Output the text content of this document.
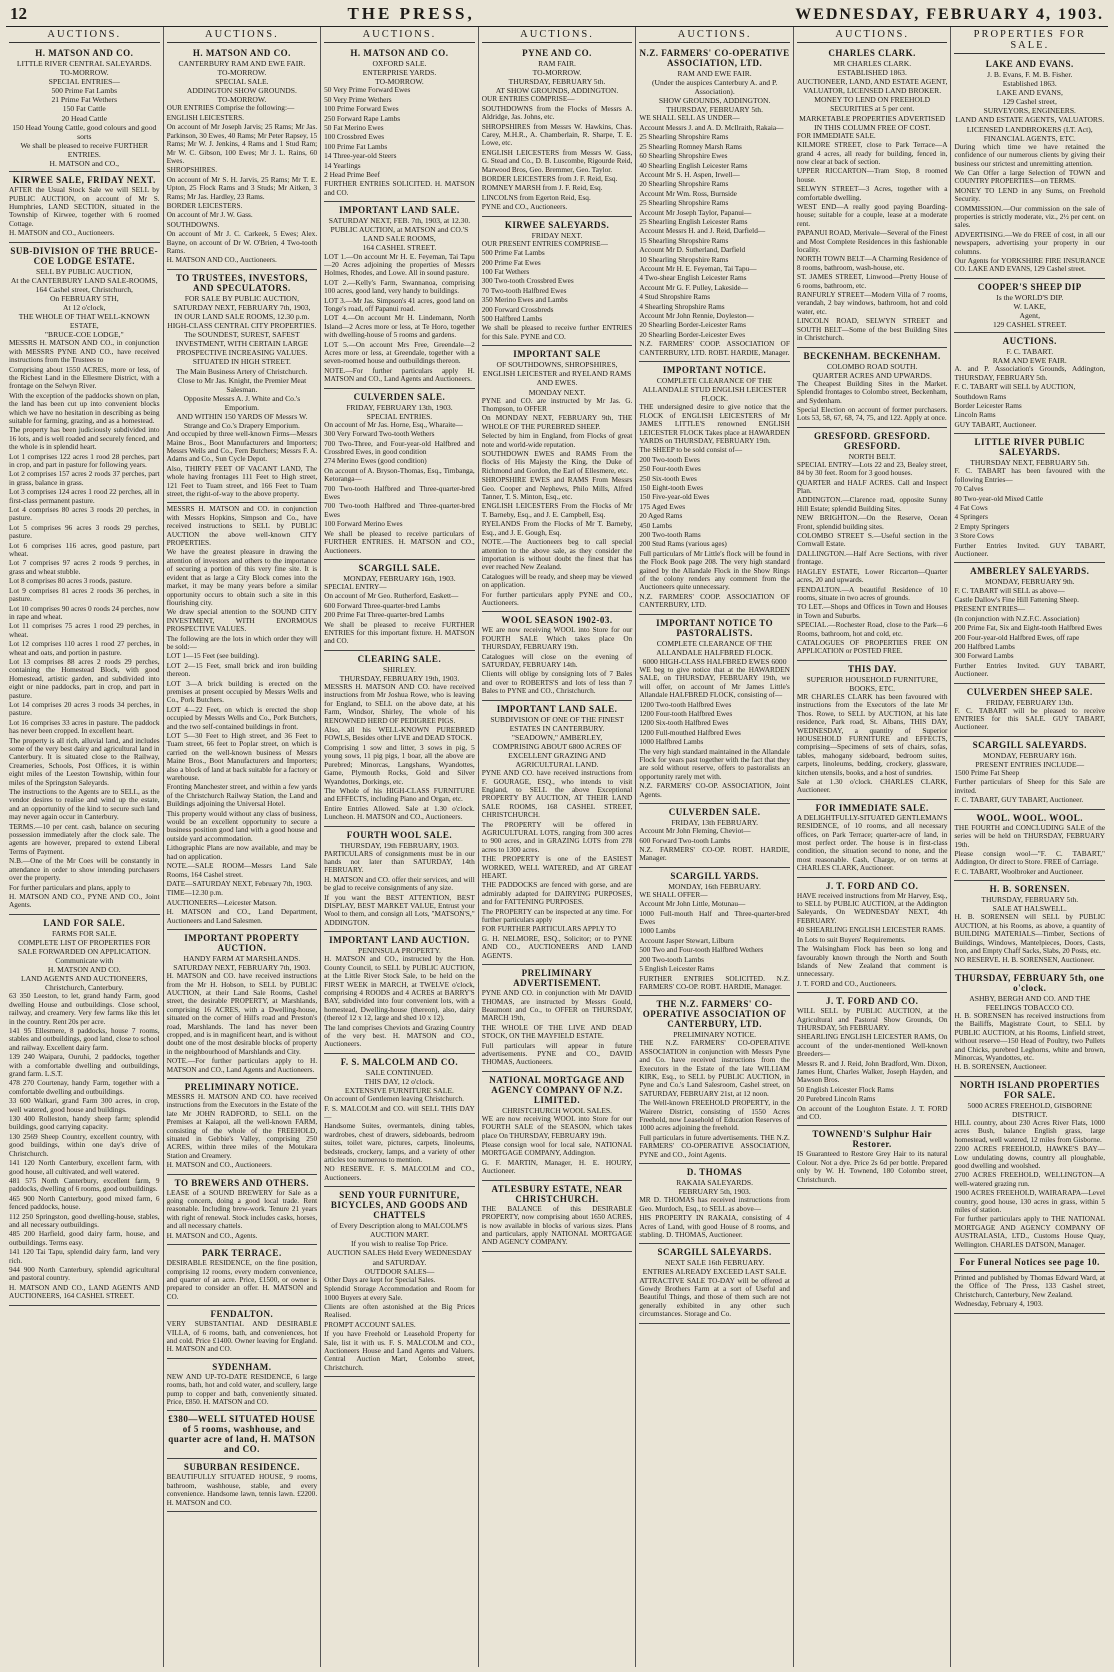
12	THE PRESS,	WEDNESDAY, FEBRUARY 4, 1903.
AUCTIONS.
H. MATSON AND CO.
LITTLE RIVER CENTRAL SALEYARDS.
TO-MORROW.
SPECIAL ENTRIES—
500 Prime Fat Lambs
21 Prime Fat Wethers
150 Fat Cattle
20 Head Cattle
150 Head Young Cattle, good colours and good sorts
We shall be pleased to receive FURTHER ENTRIES.
H. MATSON and CO.,
KIRWEE SALE, FRIDAY NEXT.
AFTER the Usual Stock Sale we will SELL by PUBLIC AUCTION, on account of Mr S. Humphries, LAND SECTION, situated in the Township of Kirwee, together with 6 roomed Cottage.
H. MATSON and CO., Auctioneers.
SUB-DIVISION OF THE BRUCE-COE LODGE ESTATE.
SELL BY PUBLIC AUCTION,
At the CANTERBURY LAND SALE-ROOMS,
164 Cashel street, Christchurch,
On FEBRUARY 5TH,
At 12 o'clock,
THE WHOLE OF THAT WELL-KNOWN ESTATE,
"BRUCE-COE LODGE,"
MESSRS H. MATSON AND CO., in conjunction with MESSRS PYNE AND CO., have received instructions from the Trustees to
Comprising about 1550 ACRES, more or less, of the Richest Land in the Ellesmere District, with a frontage on the Selwyn River.
With the exception of the paddocks shown on plan, the land has been cut up into convenient blocks which we have no hesitation in describing as being suitable for farming, grazing, and as a homestead.
The property has been judiciously subdivided into 16 lots, and is well roaded and securely fenced, and the whole is in splendid heart.
Lot 1 comprises 122 acres 1 rood 28 perches, part in crop, and part in pasture for following years.
Lot 2 comprises 157 acres 2 roods 37 perches, part in grass, balance in grass.
Lot 3 comprises 124 acres 1 rood 22 perches, all in first-class permanent pasture.
Lot 4 comprises 80 acres 3 roods 20 perches, in pasture.
Lot 5 comprises 96 acres 3 roods 29 perches, pasture.
Lot 6 comprises 116 acres, good pasture, part wheat.
Lot 7 comprises 97 acres 2 roods 9 perches, in grass and wheat stubble.
Lot 8 comprises 80 acres 3 roods, pasture.
Lot 9 comprises 81 acres 2 roods 36 perches, in pasture.
Lot 10 comprises 90 acres 0 roods 24 perches, now in rape and wheat.
Lot 11 comprises 75 acres 1 rood 29 perches, in wheat.
Lot 12 comprises 110 acres 1 rood 27 perches, in wheat and oats, and portion in pasture.
Lot 13 comprises 88 acres 2 roods 29 perches, containing the Homestead Block, with good Homestead, artistic garden, and subdivided into eight or nine paddocks, part in crop, and part in pasture.
Lot 14 comprises 20 acres 3 roods 34 perches, in pasture.
Lot 16 comprises 33 acres in pasture. The paddock has never been cropped. In excellent heart.
The property is all rich, alluvial land, and includes some of the very best dairy and agricultural land in Canterbury. It is situated close to the Railway, Creameries, Schools, Post Offices, it is within eight miles of the Leeston Township, within four miles of the Springston Saleyards.
The instructions to the Agents are to SELL, as the vendor desires to realise and wind up the estate, and an opportunity of the kind to secure such land may never again occur in Canterbury.
TERMS.—10 per cent. cash, balance on securing possession immediately after the clock sale. The agents are however, prepared to extend Liberal Terms of Payment.
N.B.—One of the Mr Coes will be constantly in attendance in order to show intending purchasers over the property.
For further particulars and plans, apply to
H. MATSON AND CO., PYNE AND CO., Joint Agents.
LAND FOR SALE.
FARMS FOR SALE.
COMPLETE LIST OF PROPERTIES FOR SALE FORWARDED ON APPLICATION.
Communicate with
H. MATSON AND CO.
LAND AGENTS AND AUCTIONEERS,
Christchurch, Canterbury.
63 350 Leeston, to let, grand handy Farm, good dwelling House and outbuildings. Close school, railway, and creamery. Very few farms like this let in the country. Rent 20s per acre.
141 95 Ellesmere, 8 paddocks, house 7 rooms, stables and outbuildings, good land, close to school and railway. Excellent dairy farm.
139 240 Waipara, Ouruhi, 2 paddocks, together with a comfortable dwelling and outbuildings, grand farm. L.S.T.
478 270 Courtenay, handy Farm, together with a comfortable dwelling and outbuildings.
33 600 Walkari, grand Farm 300 acres, in crop, well watered, good house and buildings.
130 400 Rolleston, handy sheep farm; splendid buildings, good carrying capacity.
130 2569 Sheep Country, excellent country, with good buildings, within one day's drive of Christchurch.
141 120 North Canterbury, excellent farm, with good house, all cultivated, and well watered.
481 575 North Canterbury, excellent farm, 9 paddocks, dwelling of 6 rooms, good outbuildings.
465 900 North Canterbury, good mixed farm, 6 fenced paddocks, house.
112 250 Springston, good dwelling-house, stables, and all necessary outbuildings.
485 200 Harfield, good dairy farm, house, and outbuildings. Terms easy.
141 120 Tai Tapu, splendid dairy farm, land very rich.
944 900 North Canterbury, splendid agricultural and pastoral country.
H. MATSON AND CO., LAND AGENTS AND AUCTIONEERS, 164 CASHEL STREET.
AUCTIONS.
H. MATSON AND CO.
CANTERBURY RAM AND EWE FAIR.
TO-MORROW.
SPECIAL SALE.
ADDINGTON SHOW GROUNDS.
TO-MORROW.
OUR ENTRIES Comprise the following:—
ENGLISH LEICESTERS.
On account of Mr Joseph Jarvis; 25 Rams; Mr Jas. Parkinson, 30 Ewes, 40 Rams; Mr Peter Rapsey, 15 Rams; Mr W. J. Jenkins, 4 Rams and 1 Stud Ram; Mr W. C. Gibson, 100 Ewes; Mr J. L. Rains, 60 Ewes.
SHROPSHIRES.
On account of Mr S. H. Jarvis, 25 Rams; Mr T. E. Upton, 25 Flock Rams and 3 Studs; Mr Aitken, 3 Rams; Mr Jas. Hardley, 23 Rams.
BORDER LEICESTERS.
On account of Mr J. W. Gass.
SOUTHDOWNS.
On account of Mr J. C. Carkeek, 5 Ewes; Alex. Bayne, on account of Dr W. O'Brien, 4 Two-tooth Rams.
H. MATSON AND CO., Auctioneers.
TO TRUSTEES, INVESTORS, AND SPECULATORS.
FOR SALE BY PUBLIC AUCTION,
SATURDAY NEXT, FEBRUARY 7th, 1903,
IN OUR LAND SALE ROOMS, 12.30 p.m.
HIGH-CLASS CENTRAL CITY PROPERTIES.
The SOUNDEST, SUREST, SAFEST INVESTMENT, WITH CERTAIN LARGE PROSPECTIVE INCREASING VALUES.
SITUATED IN HIGH STREET.
The Main Business Artery of Christchurch.
Close to Mr Jas. Knight, the Premier Meat Salesman.
Opposite Messrs A. J. White and Co.'s Emporium.
AND WITHIN 150 YARDS OF Messrs W. Strange and Co.'s Drapery Emporium.
And occupied by three well-known Firms—Messrs Maine Bros., Boot Manufacturers and Importers; Messrs Wells and Co., Fern Butchers; Messrs F. A. Adams and Co., Sun Cycle Depot.
Also, THIRTY FEET OF VACANT LAND, The whole having frontages 111 Feet to High street, 121 Feet to Tuam street, and 166 Feet to Tuam street, the right-of-way to the above property.
MESSRS H. MATSON and CO. in conjunction with Messrs Hopkins, Simpson and Co., have received instructions to SELL by PUBLIC AUCTION the above well-known CITY PROPERTIES.
We have the greatest pleasure in drawing the attention of investors and others to the importance of securing a portion of this very fine site. It is evident that as large a City Block comes into the market, it may be many years before a similar opportunity occurs to obtain such a site in this flourishing city.
We draw special attention to the SOUND CITY INVESTMENT, WITH ENORMOUS PROSPECTIVE VALUES.
The following are the lots in which order they will be sold:—
LOT 1—15 Feet (see building).
LOT 2—15 Feet, small brick and iron building thereon.
LOT 3—A brick building is erected on the premises at present occupied by Messrs Wells and Co., Pork Butchers.
LOT 4—22 Feet, on which is erected the shop occupied by Messrs Wells and Co., Pork Butchers, and the two self-contained buildings in front.
LOT 5—30 Feet to High street, and 36 Feet to Tuam street, 66 feet to Poplar street, on which is carried on the well-known business of Messrs Maine Bros., Boot Manufacturers and Importers; also a block of land at back suitable for a factory or warehouse.
Fronting Manchester street, and within a few yards of the Christchurch Railway Station, the Land and Buildings adjoining the Universal Hotel.
This property would without any class of business, would be an excellent opportunity to secure a business position good land with a good house and outside yard accommodation.
Lithographic Plans are now available, and may be had on application.
NOTE.—SALE ROOM—Messrs Land Sale Rooms, 164 Cashel street.
DATE—SATURDAY NEXT, February 7th, 1903.
TIME—12.30 p.m.
AUCTIONEERS—Leicester Matson.
H. MATSON and CO., Land Department, Auctioneers and Land Salesmen.
IMPORTANT PROPERTY AUCTION.
HANDY FARM AT MARSHLANDS.
SATURDAY NEXT, FEBRUARY 7th, 1903.
H. MATSON and CO. have received instructions from the Mr H. Hobson, to SELL by PUBLIC AUCTION, at their Land Sale Rooms, Cashel street, the desirable PROPERTY, at Marshlands, comprising 16 ACRES, with a Dwelling-house, situated on the corner of Hill's road and Preston's road, Marshlands. The land has never been cropped, and is in magnificent heart, and is without doubt one of the most desirable blocks of property in the neighbourhood of Marshlands and City.
NOTE.—For further particulars apply to H. MATSON and CO., Land Agents and Auctioneers.
PRELIMINARY NOTICE.
MESSRS H. MATSON AND CO. have received instructions from the Executors in the Estate of the late Mr JOHN RADFORD, to SELL on the Premises at Kaiapoi, all the well-known FARM, consisting of the whole of the FREEHOLD, situated in Gebbie's Valley, comprising 250 ACRES, within three miles of the Motukara Station and Creamery.
H. MATSON and CO., Auctioneers.
TO BREWERS AND OTHERS.
LEASE of a SOUND BREWERY for Sale as a going concern, doing a good local trade. Rent reasonable. Including brew-work. Tenure 21 years with right of renewal. Stock includes casks, horses, and all necessary chattels.
H. MATSON and CO., Agents.
PARK TERRACE.
DESIRABLE RESIDENCE, on the fine position, comprising 12 rooms, every modern convenience, and quarter of an acre. Price, £1500, or owner is prepared to consider an offer. H. MATSON and CO.
FENDALTON.
VERY SUBSTANTIAL AND DESIRABLE VILLA, of 6 rooms, bath, and conveniences, hot and cold. Price £1400. Owner leaving for England. H. MATSON and CO.
SYDENHAM.
NEW AND UP-TO-DATE RESIDENCE, 6 large rooms, bath, hot and cold water, and scullery, large pump to copper and bath, conveniently situated. Price, £850. H. MATSON and CO.
£380—WELL SITUATED HOUSE of 5 rooms, washhouse, and quarter acre of land, H. MATSON and CO.
SUBURBAN RESIDENCE.
BEAUTIFULLY SITUATED HOUSE, 9 rooms, bathroom, washhouse, stable, and every convenience. Handsome lawn, tennis lawn. £2200. H. MATSON and CO.
AUCTIONS.
H. MATSON AND CO.
OXFORD SALE.
ENTERPRISE YARDS.
TO-MORROW.
50 Very Prime Forward Ewes
50 Very Prime Wethers
100 Prime Forward Ewes
250 Forward Rape Lambs
50 Fat Merino Ewes
100 Crossbred Ewes
100 Prime Fat Lambs
14 Three-year-old Steers
14 Yearlings
2 Head Prime Beef
FURTHER ENTRIES SOLICITED. H. MATSON and CO.
IMPORTANT LAND SALE.
SATURDAY NEXT, FEB. 7th, 1903, at 12.30.
PUBLIC AUCTION, at MATSON and CO.'S LAND SALE ROOMS,
164 CASHEL STREET.
LOT 1.—On account Mr H. E. Feyeman, Tai Tapu—20 Acres adjoining the properties of Messrs Holmes, Rhodes, and Lowe. All in sound pasture.
LOT 2.—Kelly's Farm, Swannanoa, comprising 100 acres, good land, very handy to buildings.
LOT 3.—Mr Jas. Simpson's 41 acres, good land on Tonge's road, off Papanui road.
LOT 4.—On account Mr H. Lindemann, North Island—2 Acres more or less, at Te Horo, together with dwelling-house of 5 rooms and gardens.
LOT 5.—On account Mrs Free, Greendale—2 Acres more or less, at Greendale, together with a seven-roomed house and outbuildings thereon.
NOTE.—For further particulars apply H. MATSON and CO., Land Agents and Auctioneers.
CULVERDEN SALE.
FRIDAY, FEBRUARY 13th, 1903.
SPECIAL ENTRIES.
On account of Mr Jas. Horne, Esq., Wharaite—
300 Very Forward Two-tooth Wethers
700 Two-Three, and Four-year-old Halfbred and Crossbred Ewes, in good condition
274 Merino Ewes (good condition)
On account of A. Bryson-Thomas, Esq., Timbanga, Ketoranga—
700 Two-tooth Halfbred and Three-quarter-bred Ewes
700 Two-tooth Halfbred and Three-quarter-bred Ewes
100 Forward Merino Ewes
We shall be pleased to receive particulars of FURTHER ENTRIES. H. MATSON and CO., Auctioneers.
SCARGILL SALE.
MONDAY, FEBRUARY 16th, 1903.
SPECIAL ENTRY—
On account of Mr Geo. Rutherford, Easkett—
600 Forward Three-quarter-bred Lambs
200 Prime Fat Three-quarter-bred Lambs
We shall be pleased to receive FURTHER ENTRIES for this important fixture. H. MATSON and CO.
CLEARING SALE.
SHIRLEY.
THURSDAY, FEBRUARY 19th, 1903.
MESSRS H. MATSON AND CO. have received instructions from Mr Joshua Rowe, who is leaving for England, to SELL on the above date, at his Farm, Windsor, Shirley, The whole of his RENOWNED HERD OF PEDIGREE PIGS.
Also, all his WELL-KNOWN PUREBRED FOWLS, Besides other LIVE and DEAD STOCK.
Comprising 1 sow and litter, 3 sows in pig, 5 young sows, 11 pig pigs, 1 boar, all the above are Purebred; Minorcas, Langshans, Wyandottes, Game, Plymouth Rocks, Gold and Silver Wyandottes, Dorkings, etc.
The Whole of his HIGH-CLASS FURNITURE and EFFECTS, including Piano and Organ, etc.
Entire Entries Allowed. Sale at 1.30 o'clock. Luncheon. H. MATSON and CO., Auctioneers.
FOURTH WOOL SALE.
THURSDAY, 19th FEBRUARY, 1903.
PARTICULARS of consignments must be in our hands not later than SATURDAY, 14th FEBRUARY.
H. MATSON and CO. offer their services, and will be glad to receive consignments of any size.
If you want the BEST ATTENTION, BEST DISPLAY, BEST MARKET VALUE, Entrust your Wool to them, and consign all Lots, "MATSON'S," ADDINGTON.
IMPORTANT LAND AUCTION.
PENINSULA PROPERTY.
H. MATSON and CO., instructed by the Hon. County Council, to SELL by PUBLIC AUCTION, at the Little River Stock Sale, to be held on the FIRST WEEK in MARCH, at TWELVE o'clock, comprising 4 ROODS and 4 ACRES at BARRY'S BAY, subdivided into four convenient lots, with a homestead, Dwelling-house (thereon), also, dairy (thereof 12 x 12, large and shed 10 x 12).
The land comprises Cheviots and Grazing Country of the very best. H. MATSON and CO., Auctioneers.
F. S. MALCOLM AND CO.
SALE CONTINUED.
THIS DAY, 12 o'clock.
EXTENSIVE FURNITURE SALE.
On account of Gentlemen leaving Christchurch.
F. S. MALCOLM and CO. will SELL THIS DAY—
Handsome Suites, overmantels, dining tables, wardrobes, chest of drawers, sideboards, bedroom suites, toilet ware, pictures, carpets, linoleums, bedsteads, crockery, lamps, and a variety of other articles too numerous to mention.
NO RESERVE. F. S. MALCOLM and CO., Auctioneers.
SEND YOUR FURNITURE, BICYCLES, AND GOODS AND CHATTELS
of Every Description along to MALCOLM'S AUCTION MART.
If you wish to realise Top Price.
AUCTION SALES Held Every WEDNESDAY and SATURDAY.
OUTDOOR SALES—
Other Days are kept for Special Sales.
Splendid Storage Accommodation and Room for 1000 Buyers at every Sale.
Clients are often astonished at the Big Prices Realised.
PROMPT ACCOUNT SALES.
If you have Freehold or Leasehold Property for Sale, list it with us. F. S. MALCOLM and CO., Auctioneers House and Land Agents and Valuers. Central Auction Mart, Colombo street, Christchurch.
AUCTIONS.
PYNE AND CO.
RAM FAIR.
TO-MORROW.
THURSDAY, FEBRUARY 5th.
AT SHOW GROUNDS, ADDINGTON.
OUR ENTRIES COMPRISE—
SOUTHDOWNS from the Flocks of Messrs A. Aldridge, Jas. Johns, etc.
SHROPSHIRES from Messrs W. Hawkins, Chas. Carey, M.H.R., A. Chamberlain, R. Sharpe, T. E. Lowe, etc.
ENGLISH LEICESTERS from Messrs W. Gass, G. Stead and Co., D. B. Luscombe, Rigourde Reid, Marwood Bros, Geo. Bremmer, Geo. Taylor.
BORDER LEICESTERS from J. F. Reid, Esq.
ROMNEY MARSH from J. F. Reid, Esq.
LINCOLNS from Egerton Reid, Esq.
PYNE and CO., Auctioneers.
KIRWEE SALEYARDS.
FRIDAY NEXT.
OUR PRESENT ENTRIES COMPRISE—
500 Prime Fat Lambs
200 Prime Fat Ewes
100 Fat Wethers
300 Two-tooth Crossbred Ewes
70 Two-tooth Halfbred Ewes
350 Merino Ewes and Lambs
200 Forward Crossbreds
500 Halfbred Lambs
We shall be pleased to receive further ENTRIES for this Sale. PYNE and CO.
IMPORTANT SALE
OF SOUTHDOWNS, SHROPSHIRES, ENGLISH LEICESTER and RYELAND RAMS AND EWES.
MONDAY NEXT.
PYNE and CO. are instructed by Mr Jas. G. Thompson, to OFFER
On MONDAY NEXT, FEBRUARY 9th, THE WHOLE OF THE PUREBRED SHEEP.
Selected by him in England, from Flocks of great note and world-wide reputation.
SOUTHDOWN EWES and RAMS From the flocks of His Majesty the King, the Duke of Richmond and Gordon, the Earl of Ellesmere, etc.
SHROPSHIRE EWES and RAMS From Messrs Geo. Cooper and Nephews, Philo Mills, Alfred Tanner, T. S. Minton, Esq., etc.
ENGLISH LEICESTERS From the Flocks of Mr T. Barneby, Esq., and J. E. Campbell, Esq.
RYELANDS From the Flocks of Mr T. Barneby, Esq., and J. E. Gough, Esq.
NOTE.—The Auctioneers beg to call special attention to the above sale, as they consider the importation is without doubt the finest that has ever reached New Zealand.
Catalogues will be ready, and sheep may be viewed on application.
For further particulars apply PYNE and CO., Auctioneers.
WOOL SEASON 1902-03.
WE are now receiving WOOL into Store for our FOURTH SALE Which takes place On THURSDAY, FEBRUARY 19th.
Catalogues will close on the evening of SATURDAY, FEBRUARY 14th.
Clients will oblige by consigning lots of 7 Bales and over to ROBERTS'S and lots of less than 7 Bales to PYNE and CO., Christchurch.
IMPORTANT LAND SALE.
SUBDIVISION OF ONE OF THE FINEST ESTATES IN CANTERBURY.
"SEADOWN," AMBERLEY,
COMPRISING ABOUT 6800 ACRES OF EXCELLENT GRAZING AND AGRICULTURAL LAND.
PYNE AND CO. have received instructions from F. GOURAGE, ESQ., who intends to visit England, to SELL the above Exceptional PROPERTY BY AUCTION, AT THEIR LAND SALE ROOMS, 168 CASHEL STREET, CHRISTCHURCH.
The PROPERTY will be offered in AGRICULTURAL LOTS, ranging from 300 acres to 900 acres, and in GRAZING LOTS from 278 acres to 1300 acres.
THE PROPERTY is one of the EASIEST WORKED, WELL WATERED, and AT GREAT HEART.
THE PADDOCKS are fenced with gorse, and are admirably adapted for DAIRYING PURPOSES, and for FATTENING PURPOSES.
The PROPERTY can be inspected at any time. For further particulars apply
FOR FURTHER PARTICULARS APPLY TO
G. H. NELMORE, ESQ., Solicitor; or to PYNE AND CO., AUCTIONEERS AND LAND AGENTS.
PRELIMINARY ADVERTISEMENT.
PYNE AND CO. in conjunction with Mr DAVID THOMAS, are instructed by Messrs Gould, Beaumont and Co., to OFFER on THURSDAY, MARCH 19th,
THE WHOLE OF THE LIVE AND DEAD STOCK, ON THE MAYFIELD ESTATE.
Full particulars will appear in future advertisements. PYNE and CO., DAVID THOMAS, Auctioneers.
NATIONAL MORTGAGE AND AGENCY COMPANY OF N.Z. LIMITED.
CHRISTCHURCH WOOL SALES.
WE are now receiving WOOL into Store for our FOURTH SALE of the SEASON, which takes place On THURSDAY, FEBRUARY 19th.
Please consign wool for local sale, NATIONAL MORTGAGE COMPANY, Addington.
G. F. MARTIN, Manager, H. E. HOURY, Auctioneer.
ATLESBURY ESTATE, NEAR CHRISTCHURCH.
THE BALANCE of this DESIRABLE PROPERTY, now comprising about 1650 ACRES, is now available in blocks of various sizes. Plans and particulars, apply NATIONAL MORTGAGE AND AGENCY COMPANY.
AUCTIONS.
N.Z. FARMERS' CO-OPERATIVE ASSOCIATION, LTD.
RAM AND EWE FAIR.
(Under the auspices Canterbury A. and P. Association).
SHOW GROUNDS, ADDINGTON.
THURSDAY, FEBRUARY 5th.
WE SHALL SELL AS UNDER—
Account Messrs J. and A. D. McIlraith, Rakaia—
25 Shearling Shropshire Rams
25 Shearling Romney Marsh Rams
60 Shearling Shropshire Ewes
40 Shearling English Leicester Rams
Account Mr S. H. Aspen, Irwell—
20 Shearling Shropshire Rams
Account Mr Wm. Ross, Burnside
25 Shearling Shropshire Rams
Account Mr Joseph Taylor, Papanui—
25 Shearling English Leicester Rams
Account Messrs H. and J. Reid, Darfield—
15 Shearling Shropshire Rams
Account Mr D. Sutherland, Darfield
10 Shearling Shropshire Rams
Account Mr H. E. Feyeman, Tai Tapu—
4 Two-shear English Leicester Rams
Account Mr G. F. Pulley, Lakeside—
4 Stud Shropshire Rams
4 Shearling Shropshire Rams
Account Mr John Rennie, Doyleston—
20 Shearling Border-Leicester Rams
20 Shearling Border-Leicester Ewes
N.Z. FARMERS' COOP. ASSOCIATION OF CANTERBURY, LTD. ROBT. HARDIE, Manager.
IMPORTANT NOTICE.
COMPLETE CLEARANCE OF THE ALLANDALE STUD ENGLISH LEICESTER FLOCK.
THE undersigned desire to give notice that the FLOCK of ENGLISH LEICESTERS of Mr JAMES LITTLE'S renowned ENGLISH LEICESTER FLOCK Takes place at HAWARDEN YARDS on THURSDAY, FEBRUARY 19th.
The SHEEP to be sold consist of—
200 Two-tooth Ewes
250 Four-tooth Ewes
250 Six-tooth Ewes
150 Eight-tooth Ewes
150 Five-year-old Ewes
175 Aged Ewes
20 Aged Rams
450 Lambs
200 Two-tooth Rams
200 Stud Rams (various ages)
Full particulars of Mr Little's flock will be found in the Flock Book page 208. The very high standard gained by the Allandale Flock in the Show Rings of the colony renders any comment from the Auctioneers quite unnecessary.
N.Z. FARMERS' COOP. ASSOCIATION OF CANTERBURY, LTD.
IMPORTANT NOTICE TO PASTORALISTS.
COMPLETE CLEARANCE OF THE ALLANDALE HALFBRED FLOCK.
6000 HIGH-CLASS HALFBRED EWES 6000
WE beg to give notice that at the HAWARDEN SALE, on THURSDAY, FEBRUARY 19th, we will offer, on account of Mr James Little's Allandale HALFBRED FLOCK, consisting of—
1200 Two-tooth Halfbred Ewes
1200 Four-tooth Halfbred Ewes
1200 Six-tooth Halfbred Ewes
1200 Full-mouthed Halfbred Ewes
1000 Halfbred Lambs
The very high standard maintained in the Allandale Flock for years past together with the fact that they are sold without reserve, offers to pastoralists an opportunity rarely met with.
N.Z. FARMERS' CO-OP. ASSOCIATION, Joint Agents.
CULVERDEN SALE.
FRIDAY, 13th FEBRUARY.
Account Mr John Fleming, Cheviot—
600 Forward Two-tooth Lambs
N.Z. FARMERS' CO-OP. ROBT. HARDIE, Manager.
SCARGILL YARDS.
MONDAY, 16th FEBRUARY.
WE SHALL OFFER—
Account Mr John Little, Motunau—
1000 Full-mouth Half and Three-quarter-bred Ewes
1000 Lambs
Account Jasper Stewart, Lilburn
500 Two and Four-tooth Halfbred Wethers
200 Two-tooth Lambs
5 English Leicester Rams
FURTHER ENTRIES SOLICITED. N.Z. FARMERS' CO-OP. ROBT. HARDIE, Manager.
THE N.Z. FARMERS' CO-OPERATIVE ASSOCIATION OF CANTERBURY, LTD.
PRELIMINARY NOTICE.
THE N.Z. FARMERS' CO-OPERATIVE ASSOCIATION in conjunction with Messrs Pyne and Co. have received instructions from the Executors in the Estate of the late WILLIAM KIRK, Esq., to SELL by PUBLIC AUCTION, in Pyne and Co.'s Land Salesroom, Cashel street, on SATURDAY, FEBRUARY 21st, at 12 noon.
The Well-known FREEHOLD PROPERTY, in the Wairere District, consisting of 1550 Acres Freehold, now Leasehold of Education Reserves of 1000 acres adjoining the freehold.
Full particulars in future advertisements. THE N.Z. FARMERS' CO-OPERATIVE ASSOCIATION, PYNE and CO., Joint Agents.
D. THOMAS
RAKAIA SALEYARDS.
FEBRUARY 5th, 1903.
MR D. THOMAS has received instructions from Geo. Murdoch, Esq., to SELL as above—
HIS PROPERTY IN RAKAIA, consisting of 4 Acres of Land, with good House of 8 rooms, and stabling. D. THOMAS, Auctioneer.
SCARGILL SALEYARDS.
NEXT SALE 16th FEBRUARY.
ENTRIES ALREADY EXCEED LAST SALE.
ATTRACTIVE SALE TO-DAY will be offered at Gowdy Brothers Farm at a sort of Useful and Beautiful Things, and those of them such are not generally exhibited in any other such circumstances. Storage and Co.
AUCTIONS.
CHARLES CLARK.
MR CHARLES CLARK.
ESTABLISHED 1863.
AUCTIONEER, LAND, AND ESTATE AGENT,
VALUATOR, LICENSED LAND BROKER.
MONEY TO LEND ON FREEHOLD SECURITIES at 5 per cent.
MARKETABLE PROPERTIES ADVERTISED IN THIS COLUMN FREE OF COST.
FOR IMMEDIATE SALE.
KILMORE STREET, close to Park Terrace—A grand 4 acres, all ready for building, fenced in, now clear at back of section.
UPPER RICCARTON—Tram Stop, 8 roomed house.
SELWYN STREET—3 Acres, together with a comfortable dwelling.
WEST END—A really good paying Boarding-house; suitable for a couple, lease at a moderate rent.
PAPANUI ROAD, Merivale—Several of the Finest and Most Complete Residences in this fashionable locality.
NORTH TOWN BELT—A Charming Residence of 8 rooms, bathroom, wash-house, etc.
ST. JAMES STREET, Linwood—Pretty House of 6 rooms, bathroom, etc.
RANFURLY STREET—Modern Villa of 7 rooms, verandah, 2 bay windows, bathroom, hot and cold water, etc.
LINCOLN ROAD, SELWYN STREET and SOUTH BELT—Some of the best Building Sites in Christchurch.
BECKENHAM. BECKENHAM.
COLOMBO ROAD SOUTH.
QUARTER ACRES AND UPWARDS.
The Cheapest Building Sites in the Market. Splendid frontages to Colombo street, Beckenham, and Sydenham.
Special Election on account of former purchasers. Lots 53, 58, 67, 68, 74, 75, and 122. Apply at once.
GRESFORD. GRESFORD. GRESFORD.
NORTH BELT.
SPECIAL ENTRY—Lots 22 and 23, Bealey street, 84 by 30 feet. Room for 3 good houses.
QUARTER and HALF ACRES. Call and Inspect Plan.
ADDINGTON.—Clarence road, opposite Sunny Hill Estate; splendid Building Sites.
NEW BRIGHTON.—On the Reserve, Ocean Front, splendid building sites.
COLOMBO STREET S.—Useful section in the Cornwall Estate.
DALLINGTON.—Half Acre Sections, with river frontage.
HAGLEY ESTATE, Lower Riccarton—Quarter acres, 20 and upwards.
FENDALTON.—A beautiful Residence of 10 rooms, situate in two acres of grounds.
TO LET.—Shops and Offices in Town and Houses in Town and Suburbs.
SPECIAL.—Rochester Road, close to the Park—6 Rooms, bathroom, hot and cold, etc.
CATALOGUES OF PROPERTIES FREE ON APPLICATION or POSTED FREE.
THIS DAY.
SUPERIOR HOUSEHOLD FURNITURE, BOOKS, ETC.
MR CHARLES CLARK has been favoured with instructions from the Executors of the late Mr Thos. Rowe, to SELL by AUCTION, at his late residence, Park road, St. Albans, THIS DAY, WEDNESDAY, a quantity of Superior HOUSEHOLD FURNITURE and EFFECTS, comprising—Specimens of sets of chairs, sofas, tables, mahogany sideboard, bedroom suites, carpets, linoleums, bedding, crockery, glassware, kitchen utensils, books, and a host of sundries.
Sale at 1.30 o'clock. CHARLES CLARK, Auctioneer.
FOR IMMEDIATE SALE.
A DELIGHTFULLY-SITUATED GENTLEMAN'S RESIDENCE, of 10 rooms, and all necessary offices, on Park Terrace; quarter-acre of land, in most perfect order. The house is in first-class condition, the situation second to none, and the most reasonable. Cash, Charge, or on terms at CHARLES CLARK, Auctioneer.
J. T. FORD AND CO.
HAVE received instructions from Mr Harvey, Esq., to SELL by PUBLIC AUCTION, at the Addington Saleyards, On WEDNESDAY NEXT, 4th FEBRUARY.
40 SHEARLING ENGLISH LEICESTER RAMS.
In Lots to suit Buyers' Requirements.
The Walsingham Flock has been so long and favourably known through the North and South Islands of New Zealand that comment is unnecessary.
J. T. FORD and CO., Auctioneers.
J. T. FORD AND CO.
WILL SELL by PUBLIC AUCTION, at the Agricultural and Pastoral Show Grounds, On THURSDAY, 5th FEBRUARY.
SHEARLING ENGLISH LEICESTER RAMS, On account of the under-mentioned Well-known Breeders—
Messrs R. and J. Reid, John Bradford, Wm. Dixon, James Hunt, Charles Walker, Joseph Hayden, and Mawson Bros.
50 English Leicester Flock Rams
20 Purebred Lincoln Rams
On account of the Loughton Estate. J. T. FORD and CO.
TOWNEND'S Sulphur Hair Restorer.
IS Guaranteed to Restore Grey Hair to its natural Colour. Not a dye. Price 2s 6d per bottle. Prepared only by W. H. Townend, 180 Colombo street, Christchurch.
PROPERTIES FOR SALE.
LAKE AND EVANS.
J. B. Evans, F. M. B. Fisher.
Established 1863.
LAKE AND EVANS,
129 Cashel street,
SURVEYORS, ENGINEERS.
LAND AND ESTATE AGENTS, VALUATORS.
LICENSED LANDBROKERS (LT. Act), FINANCIAL AGENTS, ETC.
During which time we have retained the confidence of our numerous clients by giving their business our strictest and unremitting attention.
We Can Offer a large Selection of TOWN and COUNTRY PROPERTIES—on TERMS.
MONEY TO LEND in any Sums, on Freehold Security.
COMMISSION.—Our commission on the sale of properties is strictly moderate, viz., 2½ per cent. on sales.
ADVERTISING.—We do FREE of cost, in all our newspapers, advertising your property in our columns.
Our Agents for YORKSHIRE FIRE INSURANCE CO. LAKE AND EVANS, 129 Cashel street.
COOPER'S SHEEP DIP
Is the WORLD'S DIP.
W. LAKE,
Agent,
129 CASHEL STREET.
AUCTIONS.
F. C. TABART.
RAM AND EWE FAIR.
A. and P. Association's Grounds, Addington, THURSDAY, FEBRUARY 5th.
F. C. TABART will SELL by AUCTION,
Southdown Rams
Border Leicester Rams
Lincoln Rams
GUY TABART, Auctioneer.
LITTLE RIVER PUBLIC SALEYARDS.
THURSDAY NEXT, FEBRUARY 5th.
F. C. TABART has been favoured with the following Entries—
70 Calves
80 Two-year-old Mixed Cattle
4 Fat Cows
4 Springers
2 Empty Springers
3 Store Cows
Further Entries Invited. GUY TABART, Auctioneer.
AMBERLEY SALEYARDS.
MONDAY, FEBRUARY 9th.
F. C. TABART will SELL as above—
Castle Dallow's Fine Hill Fattening Sheep.
PRESENT ENTRIES—
(In conjunction with N.Z.F.C. Association)
200 Prime Fat, Six and Eight-tooth Halfbred Ewes
200 Four-year-old Halfbred Ewes, off rape
200 Halfbred Lambs
300 Forward Lambs
Further Entries Invited. GUY TABART, Auctioneer.
CULVERDEN SHEEP SALE.
FRIDAY, FEBRUARY 13th.
F. C. TABART will be pleased to receive ENTRIES for this SALE. GUY TABART, Auctioneer.
SCARGILL SALEYARDS.
MONDAY, FEBRUARY 16th.
PRESENT ENTRIES INCLUDE—
1500 Prime Fat Sheep
Further particulars of Sheep for this Sale are invited.
F. C. TABART, GUY TABART, Auctioneer.
WOOL. WOOL. WOOL.
THE FOURTH and CONCLUDING SALE of the series will be held on THURSDAY, FEBRUARY 19th.
Please consign wool—"F. C. TABART," Addington, Or direct to Store. FREE of Carriage.
F. C. TABART, Woolbroker and Auctioneer.
H. B. SORENSEN.
THURSDAY, FEBRUARY 5th.
SALE AT HALSWELL.
H. B. SORENSEN will SELL by PUBLIC AUCTION, at his Rooms, as above, a quantity of BUILDING MATERIALS—Timber, Sections of Buildings, Windows, Mantelpieces, Doors, Casts, Iron, and Empty Chaff Sacks, Slabs, 20 Posts, etc.
NO RESERVE. H. B. SORENSEN, Auctioneer.
THURSDAY, FEBRUARY 5th, one o'clock.
ASHBY, BERGH AND CO. AND THE FEELINGS TOBACCO CO.
H. B. SORENSEN has received instructions from the Bailiffs, Magistrate Court, to SELL by PUBLIC AUCTION, at his Rooms, Linfield street, without reserve—150 Head of Poultry, two Pullets and Chicks, purebred Leghorns, white and brown, Minorcas, Wyandottes, etc.
H. B. SORENSEN, Auctioneer.
NORTH ISLAND PROPERTIES FOR SALE.
5000 ACRES FREEHOLD, GISBORNE DISTRICT.
HILL country, about 230 Acres River Flats, 1000 acres Bush, balance English grass, large homestead, well watered, 12 miles from Gisborne.
2200 ACRES FREEHOLD, HAWKE'S BAY—Low undulating downs, country all ploughable, good dwelling and woolshed.
2700 ACRES FREEHOLD, WELLINGTON—A well-watered grazing run.
1900 ACRES FREEHOLD, WAIRARAPA—Level country, good house, 130 acres in grass, within 5 miles of station.
For further particulars apply to THE NATIONAL MORTGAGE AND AGENCY COMPANY OF AUSTRALASIA, LTD., Customs House Quay, Wellington. CHARLES DATSON, Manager.
For Funeral Notices see page 10.
Printed and published by Thomas Edward Ward, at the Office of The Press, 133 Cashel street, Christchurch, Canterbury, New Zealand.
Wednesday, February 4, 1903.
